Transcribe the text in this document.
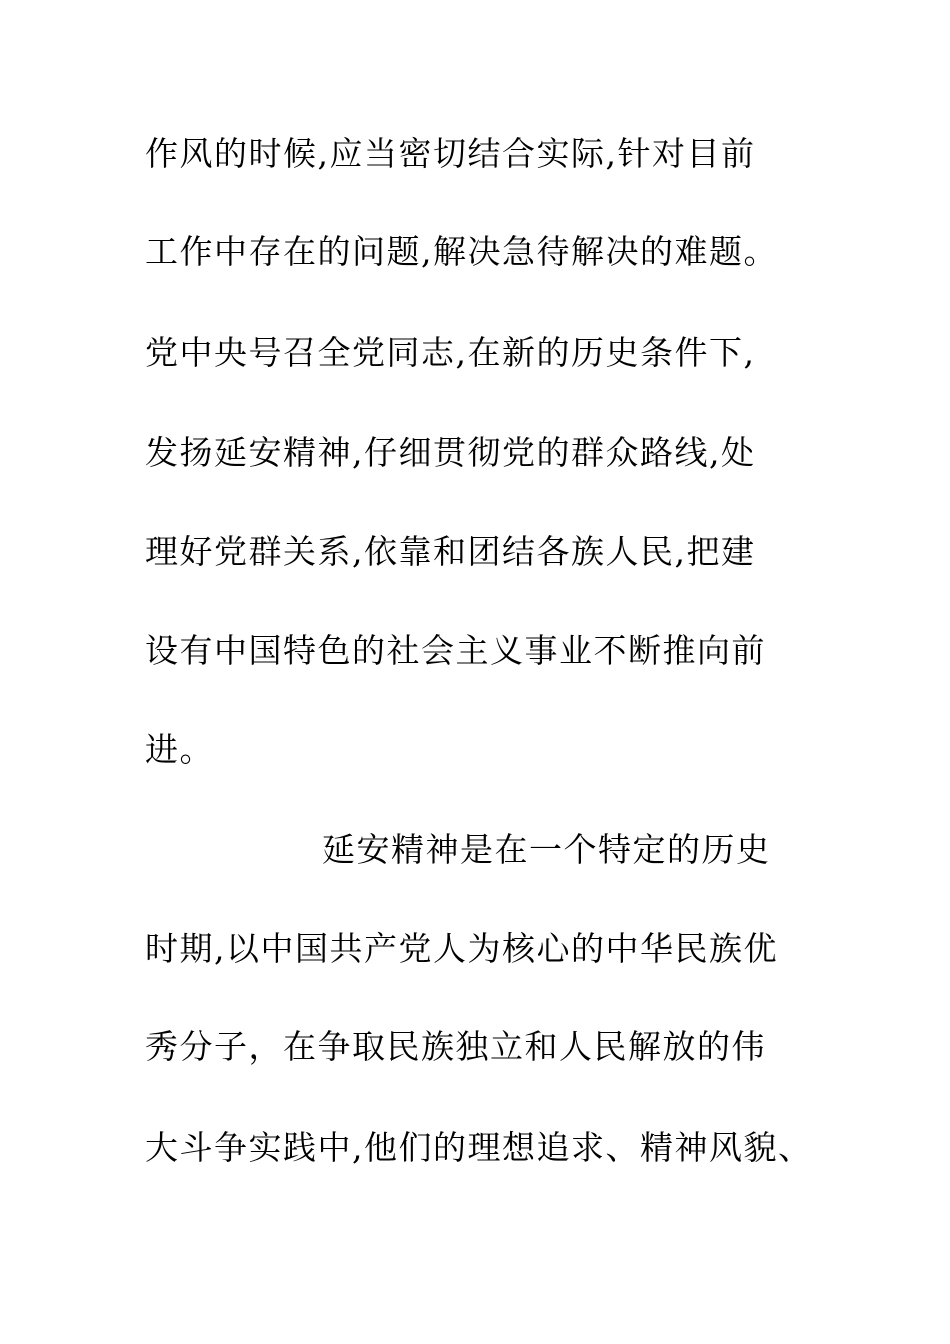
作风的时候,应当密切结合实际,针对目前
工作中存在的问题,解决急待解决的难题。
党中央号召全党同志,在新的历史条件下,
发扬延安精神,仔细贯彻党的群众路线,处
理好党群关系,依靠和团结各族人民,把建
设有中国特色的社会主义事业不断推向前
进。
延安精神是在一个特定的历史
时期,以中国共产党人为核心的中华民族优
秀分子，在争取民族独立和人民解放的伟
大斗争实践中,他们的理想追求、精神风貌、
